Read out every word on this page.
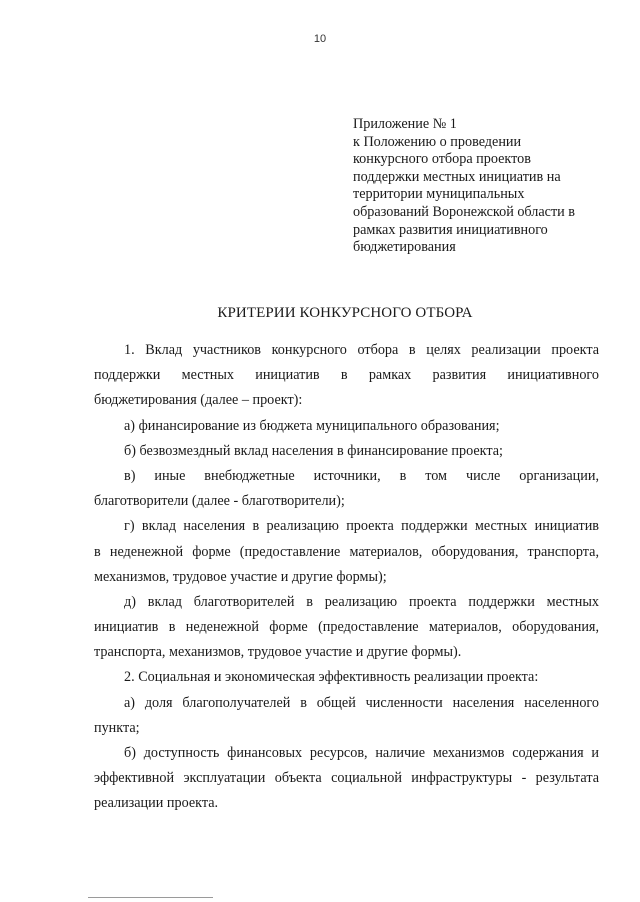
10
Приложение № 1
к Положению о проведении
конкурсного отбора проектов
поддержки местных инициатив на
территории муниципальных
образований Воронежской области в
рамках развития инициативного
бюджетирования
КРИТЕРИИ КОНКУРСНОГО ОТБОРА
1. Вклад участников конкурсного отбора в целях реализации проекта
поддержки местных инициатив в рамках развития инициативного
бюджетирования (далее – проект):
а) финансирование из бюджета муниципального образования;
б) безвозмездный вклад населения в финансирование проекта;
в) иные внебюджетные источники, в том числе организации,
благотворители (далее - благотворители);
г) вклад населения в реализацию проекта поддержки местных инициатив
в неденежной форме (предоставление материалов, оборудования, транспорта,
механизмов, трудовое участие и другие формы);
д) вклад благотворителей в реализацию проекта поддержки местных
инициатив в неденежной форме (предоставление материалов, оборудования,
транспорта, механизмов, трудовое участие и другие формы).
2. Социальная и экономическая эффективность реализации проекта:
а) доля благополучателей в общей численности населения населенного
пункта;
б) доступность финансовых ресурсов, наличие механизмов содержания и
эффективной эксплуатации объекта социальной инфраструктуры - результата
реализации проекта.
